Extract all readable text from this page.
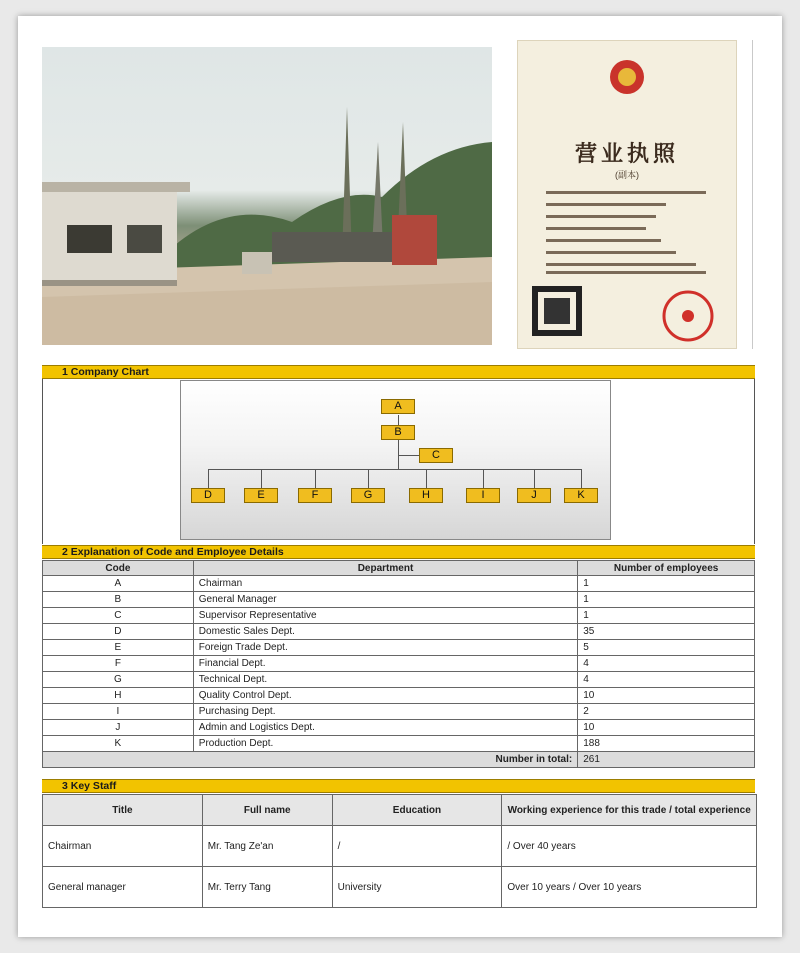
营业执照
(副本)
1 Company Chart
A
B
C
D	E	F	G	H	I	J	K
2 Explanation of Code and Employee Details
Code	Department	Number of employees
A	Chairman	1
B	General Manager	1
C	Supervisor Representative	1
D	Domestic Sales Dept.	35
E	Foreign Trade Dept.	5
F	Financial Dept.	4
G	Technical Dept.	4
H	Quality Control Dept.	10
I	Purchasing Dept.	2
J	Admin and Logistics Dept.	10
K	Production Dept.	188
Number in total:		261
3 Key Staff
Title	Full name	Education	Working experience for this trade / total experience
Chairman	Mr. Tang Ze'an	/	/ Over 40 years
General manager	Mr. Terry Tang	University	Over 10 years / Over 10 years
